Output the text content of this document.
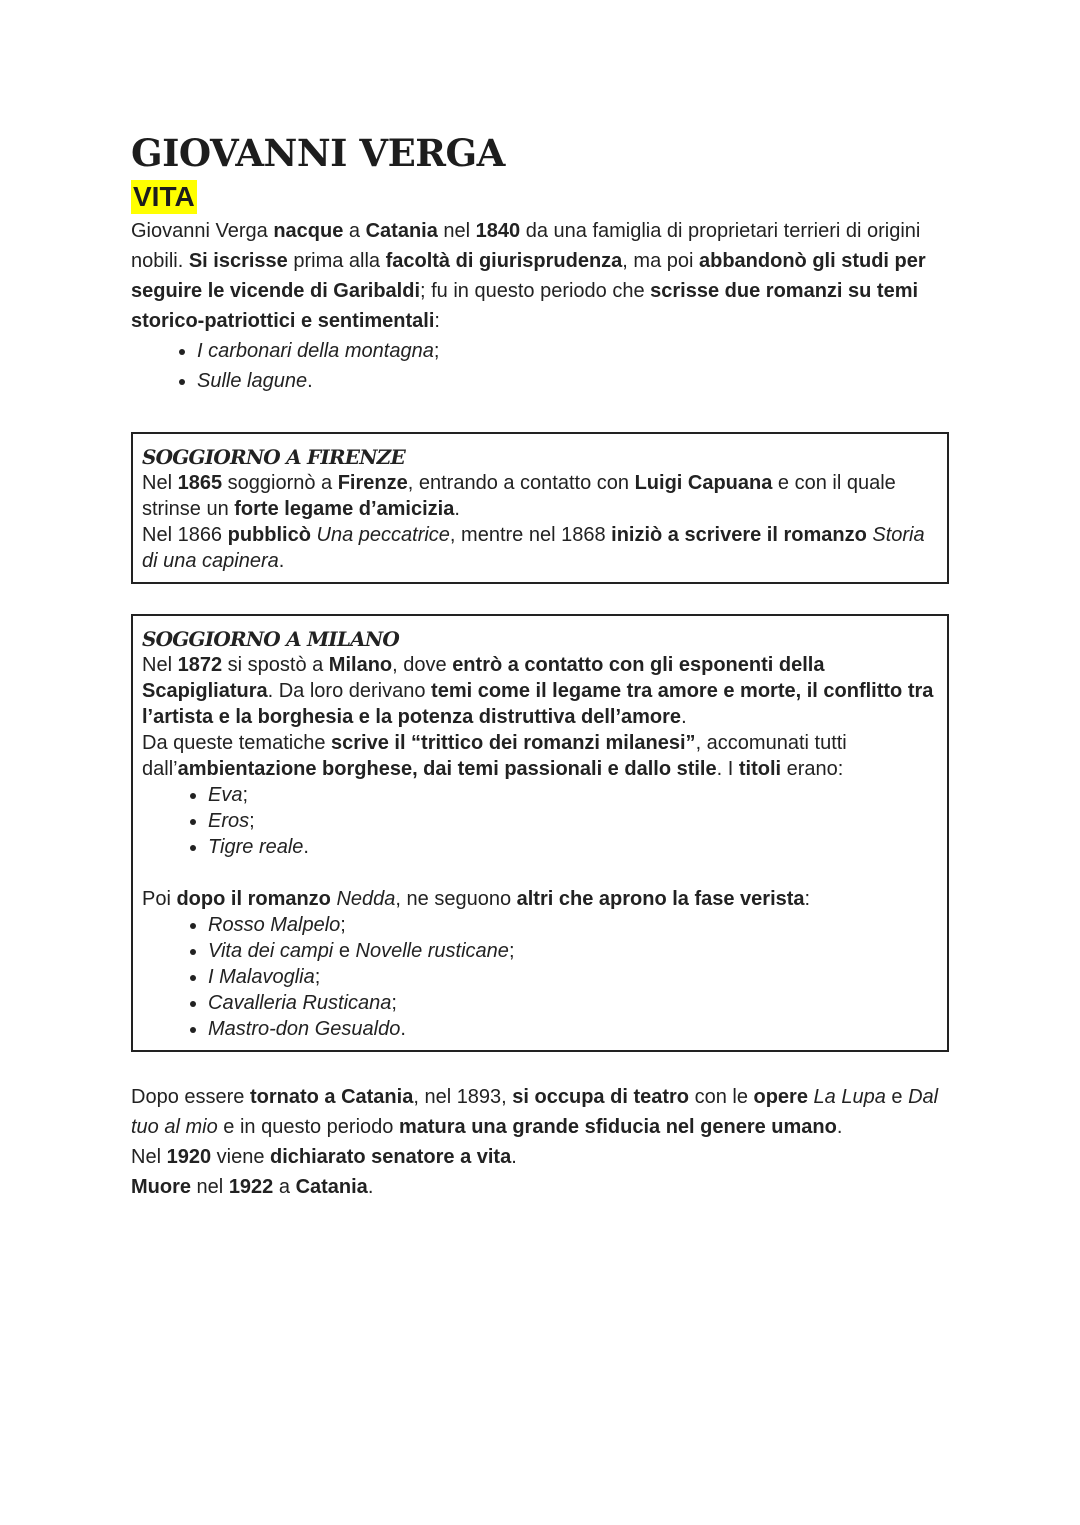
GIOVANNI VERGA
VITA

Giovanni Verga nacque a Catania nel 1840 da una famiglia di proprietari terrieri di origini nobili. Si iscrisse prima alla facoltà di giurisprudenza, ma poi abbandonò gli studi per seguire le vicende di Garibaldi; fu in questo periodo che scrisse due romanzi su temi storico-patriottici e sentimentali:

• I carbonari della montagna;
• Sulle lagune.
SOGGIORNO A FIRENZE

Nel 1865 soggiornò a Firenze, entrando a contatto con Luigi Capuana e con il quale strinse un forte legame d’amicizia.

Nel 1866 pubblicò Una peccatrice, mentre nel 1868 iniziò a scrivere il romanzo Storia di una capinera.

SOGGIORNO A MILANO

Nel 1872 si spostò a Milano, dove entrò a contatto con gli esponenti della Scapigliatura. Da loro derivano temi come il legame tra amore e morte, il conflitto tra l’artista e la borghesia e la potenza distruttiva dell’amore.

Da queste tematiche scrive il “trittico dei romanzi milanesi”, accomunati tutti dall’ambientazione borghese, dai temi passionali e dallo stile. I titoli erano:

• Eva;
• Eros;
• Tigre reale.

Poi dopo il romanzo Nedda, ne seguono altri che aprono la fase verista:

• Rosso Malpelo;
• Vita dei campi e Novelle rusticane;
• I Malavoglia;
• Cavalleria Rusticana;
• Mastro-don Gesualdo.

Dopo essere tornato a Catania, nel 1893, si occupa di teatro con le opere La Lupa e Dal tuo al mio e in questo periodo matura una grande sfiducia nel genere umano.

Nel 1920 viene dichiarato senatore a vita.

Muore nel 1922 a Catania.
